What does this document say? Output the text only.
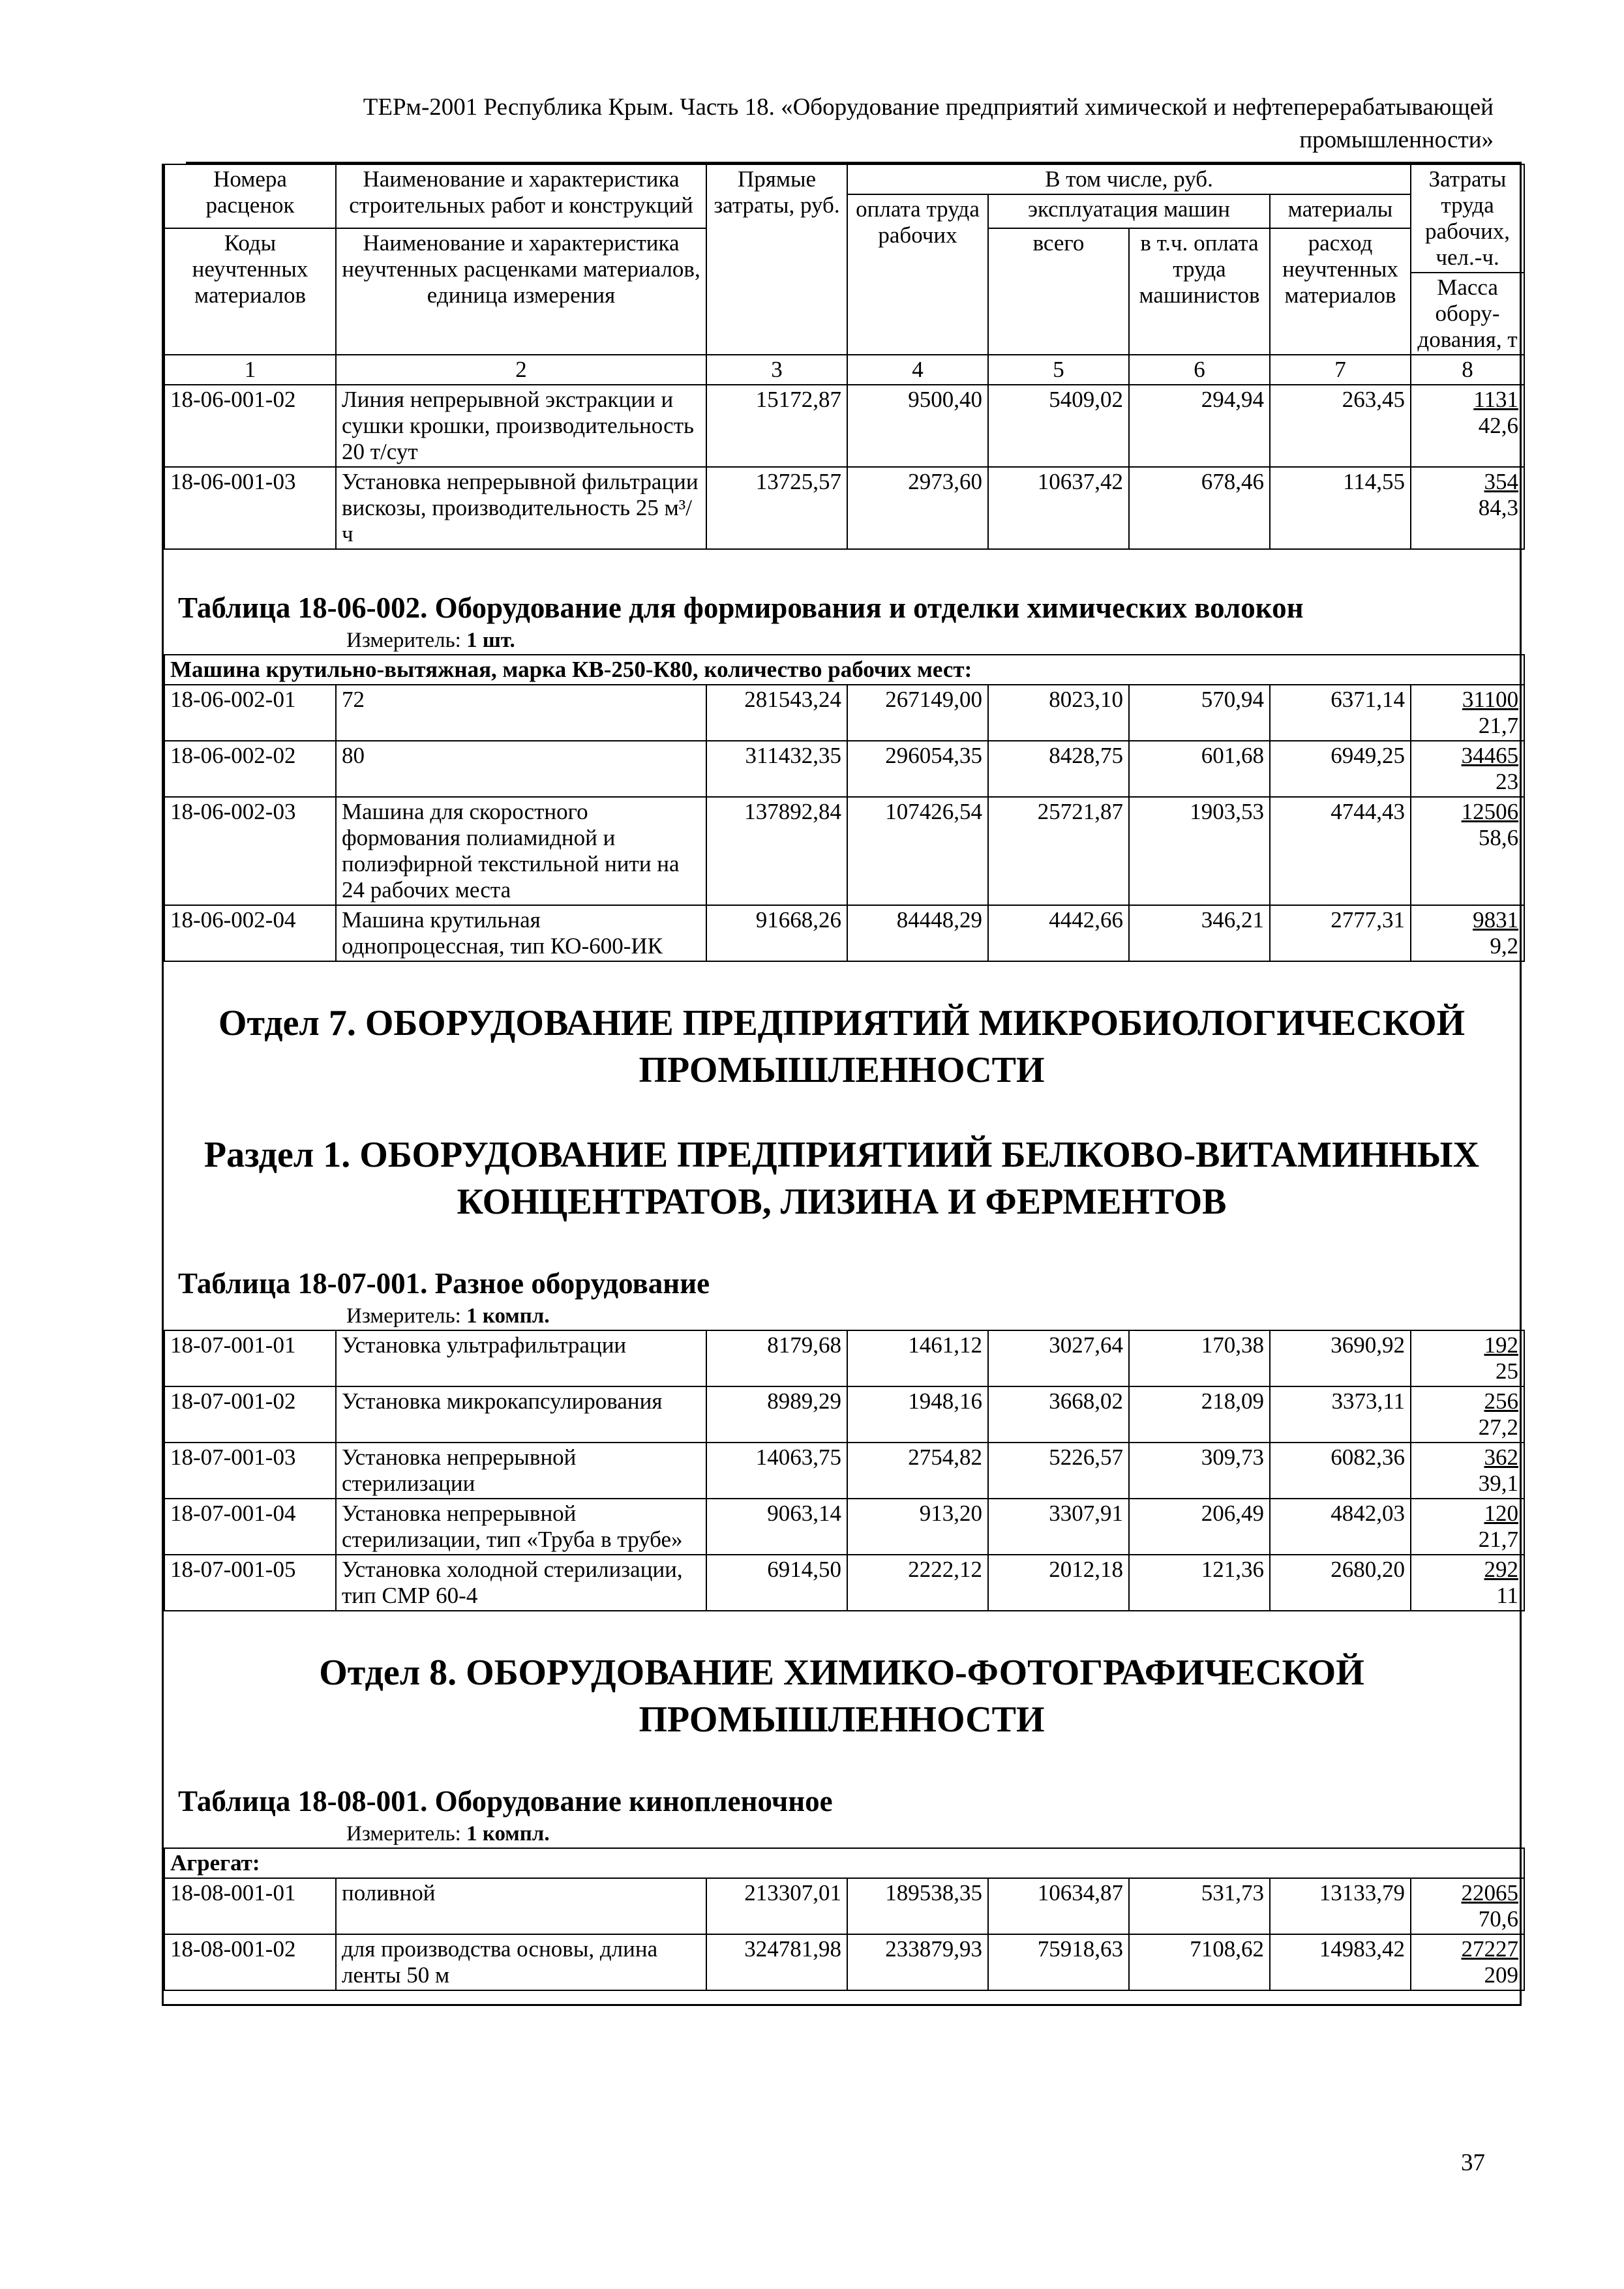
ТЕРм-2001 Республика Крым. Часть 18. «Оборудование предприятий химической и нефтеперерабатывающей промышленности»
Номера расценок	Наименование и характеристика строительных работ и конструкций	Прямые затраты, руб.	В том числе, руб.				Затраты труда рабочих, чел.-ч.
			оплата труда рабочих	эксплуатация машин		материалы	
Коды неучтенных материалов	Наименование и характеристика неучтенных расценками материалов, единица измерения			всего	в т.ч. оплата труда машинистов	расход неучтенных материалов	
							Масса обору-дования, т
1	2	3	4	5	6	7	8
18-06-001-02	Линия непрерывной экстракции и сушки крошки, производительность 20 т/сут	15172,87	9500,40	5409,02	294,94	263,45	1131
42,6

18-06-001-03	Установка непрерывной фильтрации вискозы, производительность 25 м³/ч	13725,57	2973,60	10637,42	678,46	114,55	354
84,3
Таблица 18-06-002. Оборудование для формирования и отделки химических волокон
Измеритель: 1 шт.
Машина крутильно-вытяжная, марка КВ-250-К80, количество рабочих мест:							
18-06-002-01	72	281543,24	267149,00	8023,10	570,94	6371,14	31100
21,7

18-06-002-02	80	311432,35	296054,35	8428,75	601,68	6949,25	34465
23

18-06-002-03	Машина для скоростного формования полиамидной и полиэфирной текстильной нити на 24 рабочих места	137892,84	107426,54	25721,87	1903,53	4744,43	12506
58,6

18-06-002-04	Машина крутильная однопроцессная, тип КО-600-ИК	91668,26	84448,29	4442,66	346,21	2777,31	9831
9,2
Отдел 7. ОБОРУДОВАНИЕ ПРЕДПРИЯТИЙ МИКРОБИОЛОГИЧЕСКОЙ ПРОМЫШЛЕННОСТИ
Раздел 1. ОБОРУДОВАНИЕ ПРЕДПРИЯТИИЙ БЕЛКОВО-ВИТАМИННЫХ КОНЦЕНТРАТОВ, ЛИЗИНА И ФЕРМЕНТОВ
Таблица 18-07-001. Разное оборудование
Измеритель: 1 компл.
18-07-001-01	Установка ультрафильтрации	8179,68	1461,12	3027,64	170,38	3690,92	192
25

18-07-001-02	Установка микрокапсулирования	8989,29	1948,16	3668,02	218,09	3373,11	256
27,2

18-07-001-03	Установка непрерывной стерилизации	14063,75	2754,82	5226,57	309,73	6082,36	362
39,1

18-07-001-04	Установка непрерывной стерилизации, тип «Труба в трубе»	9063,14	913,20	3307,91	206,49	4842,03	120
21,7

18-07-001-05	Установка холодной стерилизации, тип СМР 60-4	6914,50	2222,12	2012,18	121,36	2680,20	292
11
Отдел 8. ОБОРУДОВАНИЕ ХИМИКО-ФОТОГРАФИЧЕСКОЙ ПРОМЫШЛЕННОСТИ
Таблица 18-08-001. Оборудование кинопленочное
Измеритель: 1 компл.
Агрегат:							
18-08-001-01	поливной	213307,01	189538,35	10634,87	531,73	13133,79	22065
70,6

18-08-001-02	для производства основы, длина ленты 50 м	324781,98	233879,93	75918,63	7108,62	14983,42	27227
209
37
